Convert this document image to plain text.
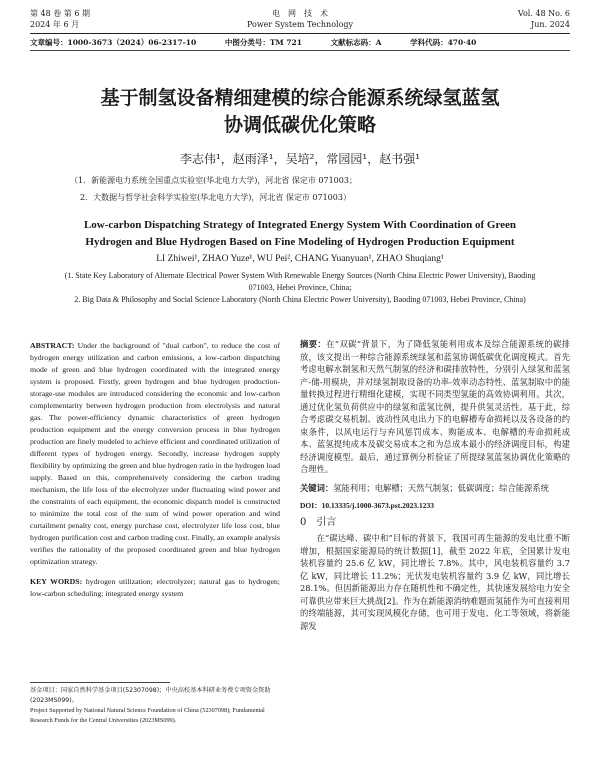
第 48 卷 第 6 期
2024 年 6 月
电　网　技　术
Power System Technology
Vol. 48 No. 6
Jun. 2024
文章编号：1000-3673（2024）06-2317-10	中图分类号：TM 721	文献标志码：A	学科代码：470·40
基于制氢设备精细建模的综合能源系统绿氢蓝氢
协调低碳优化策略
李志伟¹，赵雨泽¹，吴培²，常园园¹，赵书强¹
（1．新能源电力系统全国重点实验室(华北电力大学)，河北省 保定市 071003；
2．大数据与哲学社会科学实验室(华北电力大学)，河北省 保定市 071003）
Low-carbon Dispatching Strategy of Integrated Energy System With Coordination of Green
Hydrogen and Blue Hydrogen Based on Fine Modeling of Hydrogen Production Equipment
LI Zhiwei¹, ZHAO Yuze¹, WU Pei², CHANG Yuanyuan¹, ZHAO Shuqiang¹
(1. State Key Laboratory of Alternate Electrical Power System With Renewable Energy Sources (North China Electric Power University), Baoding 071003, Hebei Province, China;
2. Big Data & Philosophy and Social Science Laboratory (North China Electric Power University), Baoding 071003, Hebei Province, China)
ABSTRACT: Under the background of "dual carbon", to reduce the cost of hydrogen energy utilization and carbon emissions, a low-carbon dispatching mode of green and blue hydrogen coordinated with the integrated energy system is proposed. Firstly, green hydrogen and blue hydrogen production-storage-use modules are introduced considering the economic and low-carbon complementarity between hydrogen production from electrolysis and natural gas. The power-efficiency dynamic characteristics of green hydrogen production equipment and the energy conversion process in blue hydrogen production are finely modeled to achieve efficient and coordinated utilization of different types of hydrogen energy. Secondly, increase hydrogen supply flexibility by optimizing the green and blue hydrogen ratio in the hydrogen load supply. Based on this, comprehensively considering the carbon trading mechanism, the life loss of the electrolyzer under fluctuating wind power and the constraints of each equipment, the economic dispatch model is constructed to minimize the total cost of the sum of wind power operation and wind curtailment penalty cost, energy purchase cost, electrolyzer life loss cost, blue hydrogen purification cost and carbon trading cost. Finally, an example analysis verifies the rationality of the proposed coordinated green and blue hydrogen optimization strategy.
KEY WORDS: hydrogen utilization; electrolyzer; natural gas to hydrogen; low-carbon scheduling; integrated energy system
基金项目：国家自然科学基金项目(52307098)；中央高校基本科研业务费专项资金资助(2023MS099)。
Project Supported by National Natural Science Foundation of China (52307098); Fundamental Research Funds for the Central Universities (2023MS099).
摘要：在“双碳”背景下，为了降低氢能利用成本及综合能源系统的碳排放，该文提出一种综合能源系统绿氢和蓝氢协调低碳优化调度模式。首先考虑电解水制氢和天然气制氢的经济和碳排放特性，分别引入绿氢和蓝氢产-储-用模块，并对绿氢制取设备的功率-效率动态特性、蓝氢制取中的能量转换过程进行精细化建模，实现不同类型氢能的高效协调利用。其次，通过优化氢负荷供应中的绿氢和蓝氢比例，提升供氢灵活性。基于此，综合考虑碳交易机制、波动性风电出力下的电解槽寿命损耗以及各设备的约束条件，以风电运行与弃风惩罚成本、购能成本、电解槽的寿命损耗成本、蓝氢提纯成本及碳交易成本之和为总成本最小的经济调度目标，构建经济调度模型。最后，通过算例分析验证了所提绿氢蓝氢协调优化策略的合理性。
关键词：氢能利用；电解槽；天然气制氢；低碳调度；综合能源系统
DOI：10.13335/j.1000-3673.pst.2023.1233
0　引言
在“碳达峰、碳中和”目标的背景下，我国可再生能源的发电比重不断增加，根据国家能源局的统计数据[1]，截至 2022 年底，全国累计发电装机容量约 25.6 亿 kW，同比增长 7.8%。其中，风电装机容量约 3.7 亿 kW，同比增长 11.2%；光伏发电装机容量约 3.9 亿 kW，同比增长 28.1%。但因新能源出力存在随机性和不确定性，其快速发展给电力安全可靠供应带来巨大挑战[2]。作为在新能源消纳难题而氢能作为可直接利用的终端能源，其可实现风模化存储，也可用于发电、化工等领域，将新能源发
